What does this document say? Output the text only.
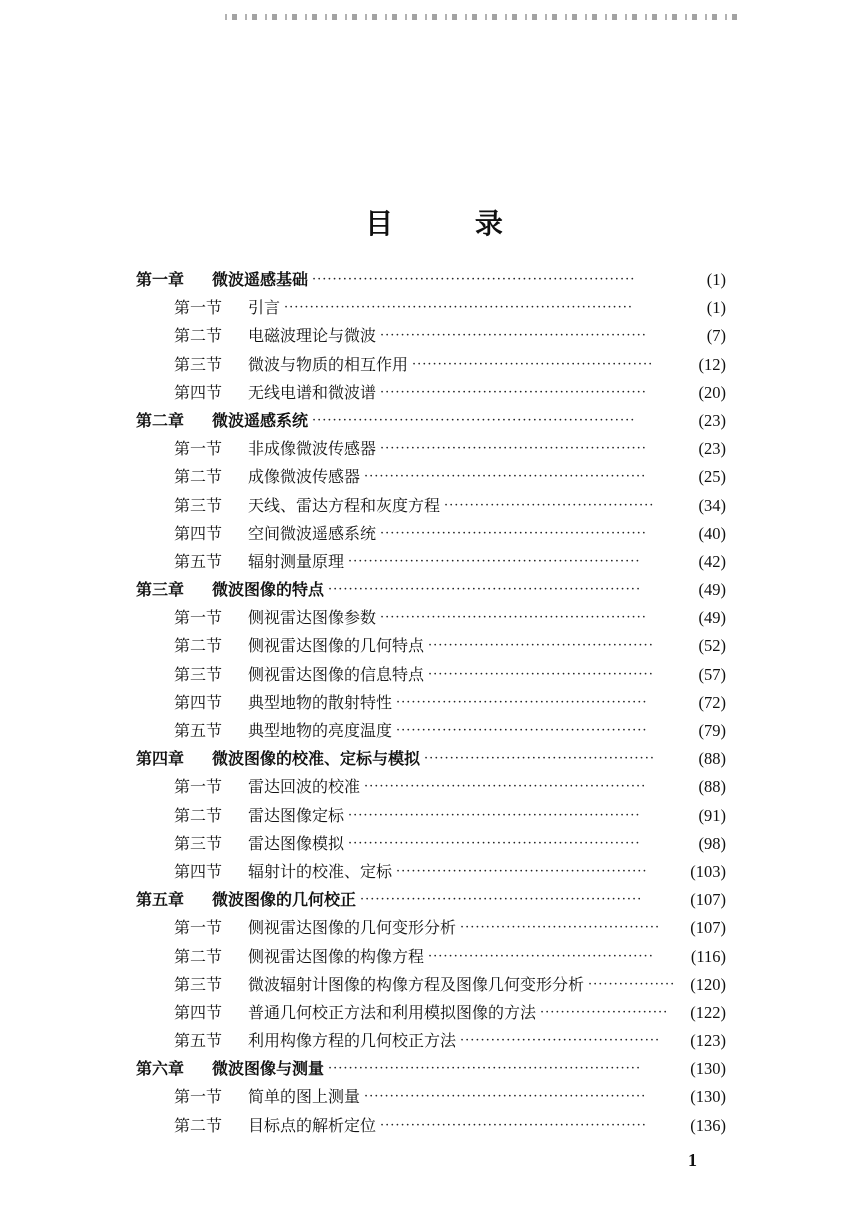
目 录
第一章 微波遥感基础 ·······························································	(1)
第一节 引言 ····································································	(1)
第二节 电磁波理论与微波 ····················································	(7)
第三节 微波与物质的相互作用 ···············································	(12)
第四节 无线电谱和微波谱 ····················································	(20)
第二章 微波遥感系统 ·······························································	(23)
第一节 非成像微波传感器 ····················································	(23)
第二节 成像微波传感器 ·······················································	(25)
第三节 天线、雷达方程和灰度方程 ·········································	(34)
第四节 空间微波遥感系统 ····················································	(40)
第五节 辐射测量原理 ·························································	(42)
第三章 微波图像的特点 ·····························································	(49)
第一节 侧视雷达图像参数 ····················································	(49)
第二节 侧视雷达图像的几何特点 ············································	(52)
第三节 侧视雷达图像的信息特点 ············································	(57)
第四节 典型地物的散射特性 ·················································	(72)
第五节 典型地物的亮度温度 ·················································	(79)
第四章 微波图像的校准、定标与模拟 ·············································	(88)
第一节 雷达回波的校准 ·······················································	(88)
第二节 雷达图像定标 ·························································	(91)
第三节 雷达图像模拟 ·························································	(98)
第四节 辐射计的校准、定标 ·················································	(103)
第五章 微波图像的几何校正 ·······················································	(107)
第一节 侧视雷达图像的几何变形分析 ·······································	(107)
第二节 侧视雷达图像的构像方程 ············································	(116)
第三节 微波辐射计图像的构像方程及图像几何变形分析 ················· (120)
第四节 普通几何校正方法和利用模拟图像的方法 ·························	(122)
第五节 利用构像方程的几何校正方法 ·······································	(123)
第六章 微波图像与测量 ·····························································	(130)
第一节 简单的图上测量 ·······················································	(130)
第二节 目标点的解析定位 ····················································	(136)
1
